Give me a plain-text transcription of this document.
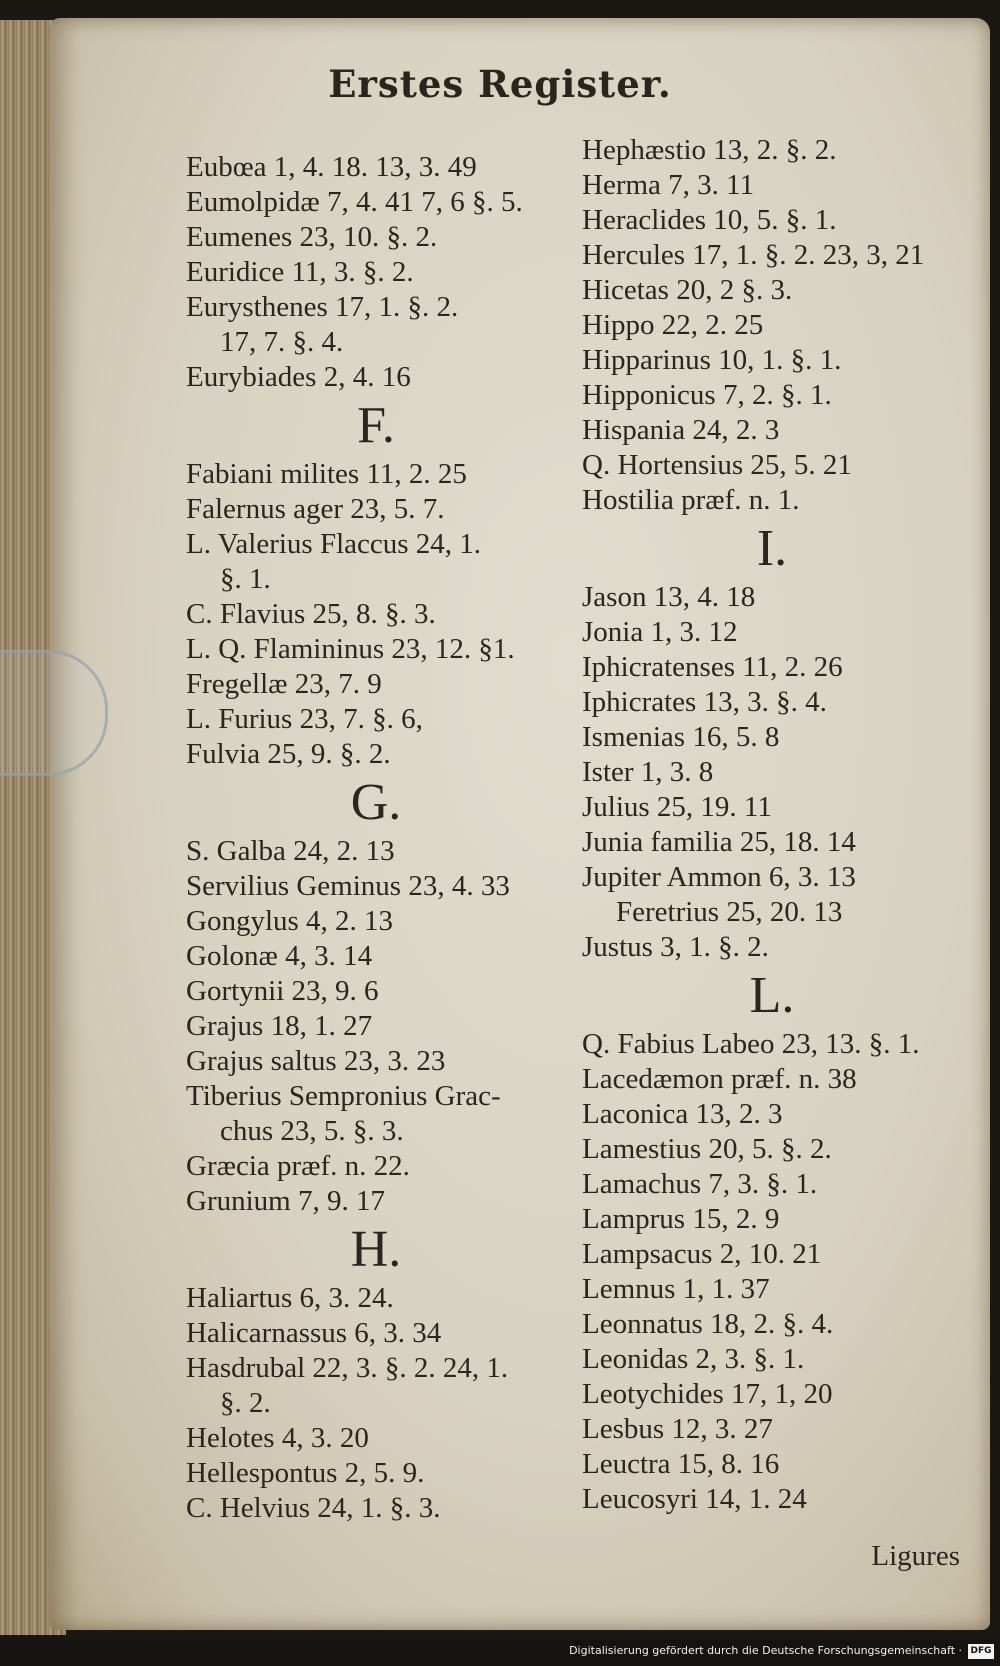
Erstes Register.
Eubœa 1, 4. 18. 13, 3. 49
Eumolpidæ 7, 4. 41 7, 6 §. 5.
Eumenes 23, 10. §. 2.
Euridice 11, 3. §. 2.
Eurysthenes 17, 1. §. 2.
17, 7. §. 4.
Eurybiades 2, 4. 16
F.
Fabiani milites 11, 2. 25
Falernus ager 23, 5. 7.
L. Valerius Flaccus 24, 1.
§. 1.
C. Flavius 25, 8. §. 3.
L. Q. Flamininus 23, 12. §1.
Fregellæ 23, 7. 9
L. Furius 23, 7. §. 6,
Fulvia 25, 9. §. 2.
G.
S. Galba 24, 2. 13
Servilius Geminus 23, 4. 33
Gongylus 4, 2. 13
Golonæ 4, 3. 14
Gortynii 23, 9. 6
Grajus 18, 1. 27
Grajus saltus 23, 3. 23
Tiberius Sempronius Grac-
chus 23, 5. §. 3.
Græcia præf. n. 22.
Grunium 7, 9. 17
H.
Haliartus 6, 3. 24.
Halicarnassus 6, 3. 34
Hasdrubal 22, 3. §. 2. 24, 1.
§. 2.
Helotes 4, 3. 20
Hellespontus 2, 5. 9.
C. Helvius 24, 1. §. 3.
Hephæstio 13, 2. §. 2.
Herma 7, 3. 11
Heraclides 10, 5. §. 1.
Hercules 17, 1. §. 2. 23, 3, 21
Hicetas 20, 2 §. 3.
Hippo 22, 2. 25
Hipparinus 10, 1. §. 1.
Hipponicus 7, 2. §. 1.
Hispania 24, 2. 3
Q. Hortensius 25, 5. 21
Hostilia præf. n. 1.
I.
Jason 13, 4. 18
Jonia 1, 3. 12
Iphicratenses 11, 2. 26
Iphicrates 13, 3. §. 4.
Ismenias 16, 5. 8
Ister 1, 3. 8
Julius 25, 19. 11
Junia familia 25, 18. 14
Jupiter Ammon 6, 3. 13
Feretrius 25, 20. 13
Justus 3, 1. §. 2.
L.
Q. Fabius Labeo 23, 13. §. 1.
Lacedæmon præf. n. 38
Laconica 13, 2. 3
Lamestius 20, 5. §. 2.
Lamachus 7, 3. §. 1.
Lamprus 15, 2. 9
Lampsacus 2, 10. 21
Lemnus 1, 1. 37
Leonnatus 18, 2. §. 4.
Leonidas 2, 3. §. 1.
Leotychides 17, 1, 20
Lesbus 12, 3. 27
Leuctra 15, 8. 16
Leucosyri 14, 1. 24
Ligures
Digitalisierung gefördert durch die Deutsche Forschungsgemeinschaft · DFG
